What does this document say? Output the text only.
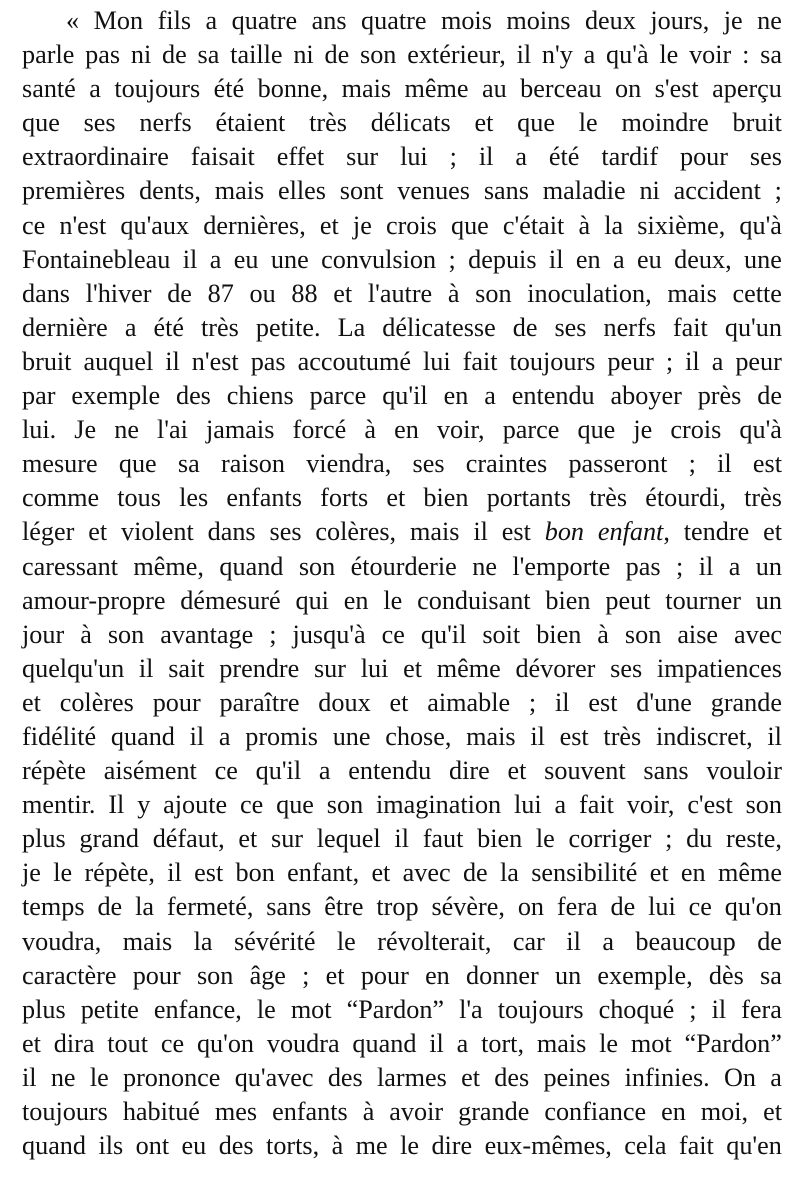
« Mon fils a quatre ans quatre mois moins deux jours, je ne
parle pas ni de sa taille ni de son extérieur, il n'y a qu'à le voir : sa
santé a toujours été bonne, mais même au berceau on s'est aperçu
que ses nerfs étaient très délicats et que le moindre bruit
extraordinaire faisait effet sur lui ; il a été tardif pour ses
premières dents, mais elles sont venues sans maladie ni accident ;
ce n'est qu'aux dernières, et je crois que c'était à la sixième, qu'à
Fontainebleau il a eu une convulsion ; depuis il en a eu deux, une
dans l'hiver de 87 ou 88 et l'autre à son inoculation, mais cette
dernière a été très petite. La délicatesse de ses nerfs fait qu'un
bruit auquel il n'est pas accoutumé lui fait toujours peur ; il a peur
par exemple des chiens parce qu'il en a entendu aboyer près de
lui. Je ne l'ai jamais forcé à en voir, parce que je crois qu'à
mesure que sa raison viendra, ses craintes passeront ; il est
comme tous les enfants forts et bien portants très étourdi, très
léger et violent dans ses colères, mais il est bon enfant, tendre et
caressant même, quand son étourderie ne l'emporte pas ; il a un
amour-propre démesuré qui en le conduisant bien peut tourner un
jour à son avantage ; jusqu'à ce qu'il soit bien à son aise avec
quelqu'un il sait prendre sur lui et même dévorer ses impatiences
et colères pour paraître doux et aimable ; il est d'une grande
fidélité quand il a promis une chose, mais il est très indiscret, il
répète aisément ce qu'il a entendu dire et souvent sans vouloir
mentir. Il y ajoute ce que son imagination lui a fait voir, c'est son
plus grand défaut, et sur lequel il faut bien le corriger ; du reste,
je le répète, il est bon enfant, et avec de la sensibilité et en même
temps de la fermeté, sans être trop sévère, on fera de lui ce qu'on
voudra, mais la sévérité le révolterait, car il a beaucoup de
caractère pour son âge ; et pour en donner un exemple, dès sa
plus petite enfance, le mot “Pardon” l'a toujours choqué ; il fera
et dira tout ce qu'on voudra quand il a tort, mais le mot “Pardon”
il ne le prononce qu'avec des larmes et des peines infinies. On a
toujours habitué mes enfants à avoir grande confiance en moi, et
quand ils ont eu des torts, à me le dire eux-mêmes, cela fait qu'en
